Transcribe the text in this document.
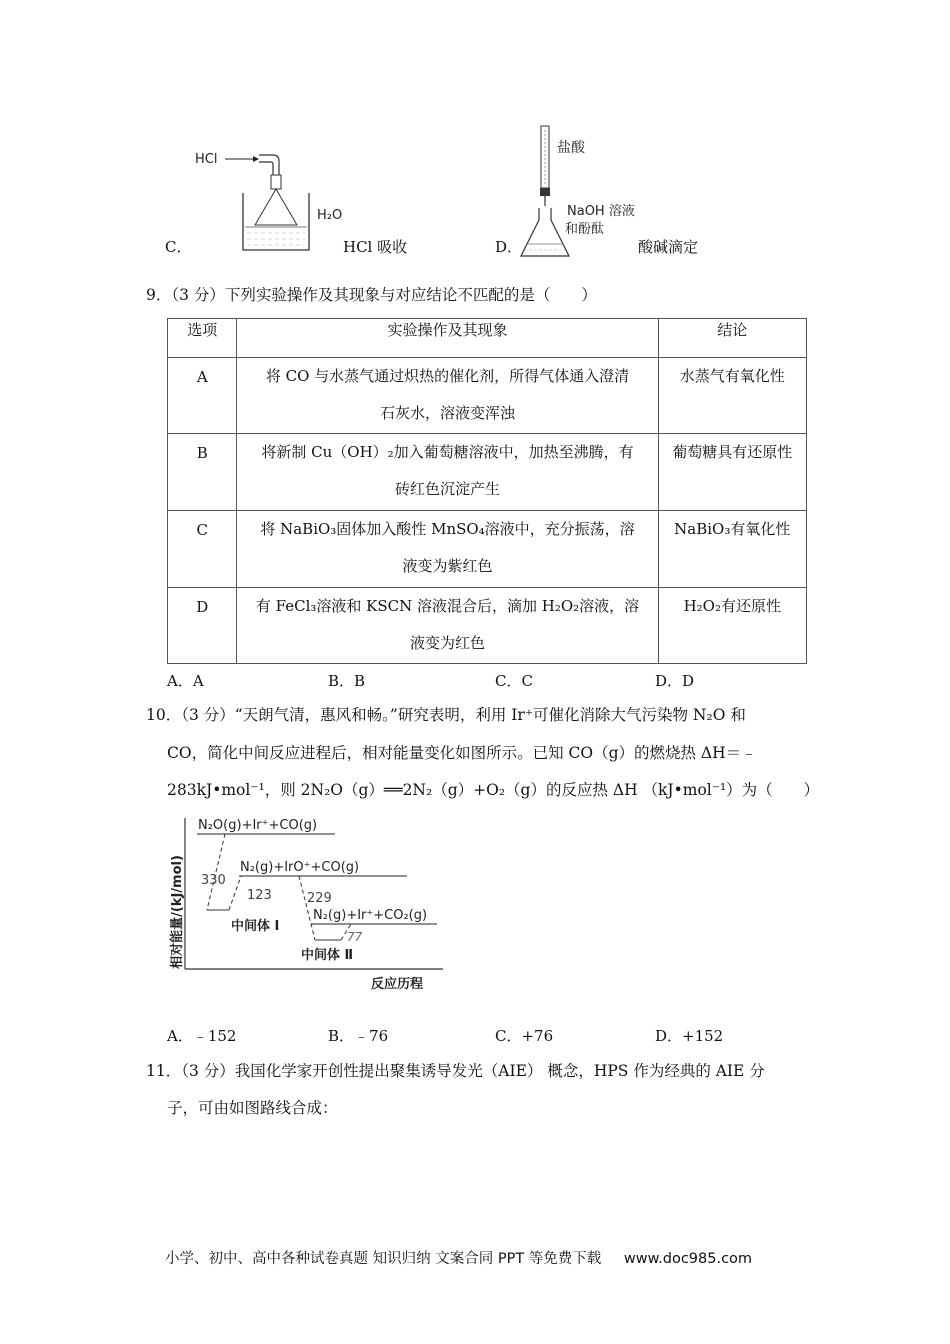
C．
HCl
H₂O
HCl 吸收	D．
盐酸
NaOH 溶液
和酚酞
酸碱滴定
9．（3 分）下列实验操作及其现象与对应结论不匹配的是（　　）
选项	实验操作及其现象	结论
A	将 CO 与水蒸气通过炽热的催化剂，所得气体通入澄清
石灰水，溶液变浑浊	水蒸气有氧化性
B	将新制 Cu（OH）₂加入葡萄糖溶液中，加热至沸腾，有
砖红色沉淀产生	葡萄糖具有还原性
C	将 NaBiO₃固体加入酸性 MnSO₄溶液中，充分振荡，溶
液变为紫红色	NaBiO₃有氧化性
D	有 FeCl₃溶液和 KSCN 溶液混合后，滴加 H₂O₂溶液，溶
液变为红色	H₂O₂有还原性
A．A	B．B	C．C	D．D
10．（3 分）“天朗气清，惠风和畅。”研究表明，利用 Ir⁺可催化消除大气污染物 N₂O 和
CO，简化中间反应进程后，相对能量变化如图所示。已知 CO（g）的燃烧热 ΔH＝﹣
283kJ•mol⁻¹，则 2N₂O（g）══2N₂（g）+O₂（g）的反应热 ΔH （kJ•mol⁻¹）为（　　）
相对能量/(kJ/mol)
反应历程
N₂O(g)+Ir⁺+CO(g)
330
123
中间体 Ⅰ
N₂(g)+IrO⁺+CO(g)
229
77
中间体 Ⅱ
N₂(g)+Ir⁺+CO₂(g)
A．﹣152	B．﹣76	C．+76	D．+152
11．（3 分）我国化学家开创性提出聚集诱导发光（AIE） 概念，HPS 作为经典的 AIE 分
子，可由如图路线合成：
小学、初中、高中各种试卷真题 知识归纳 文案合同 PPT 等免费下载 www.doc985.com
